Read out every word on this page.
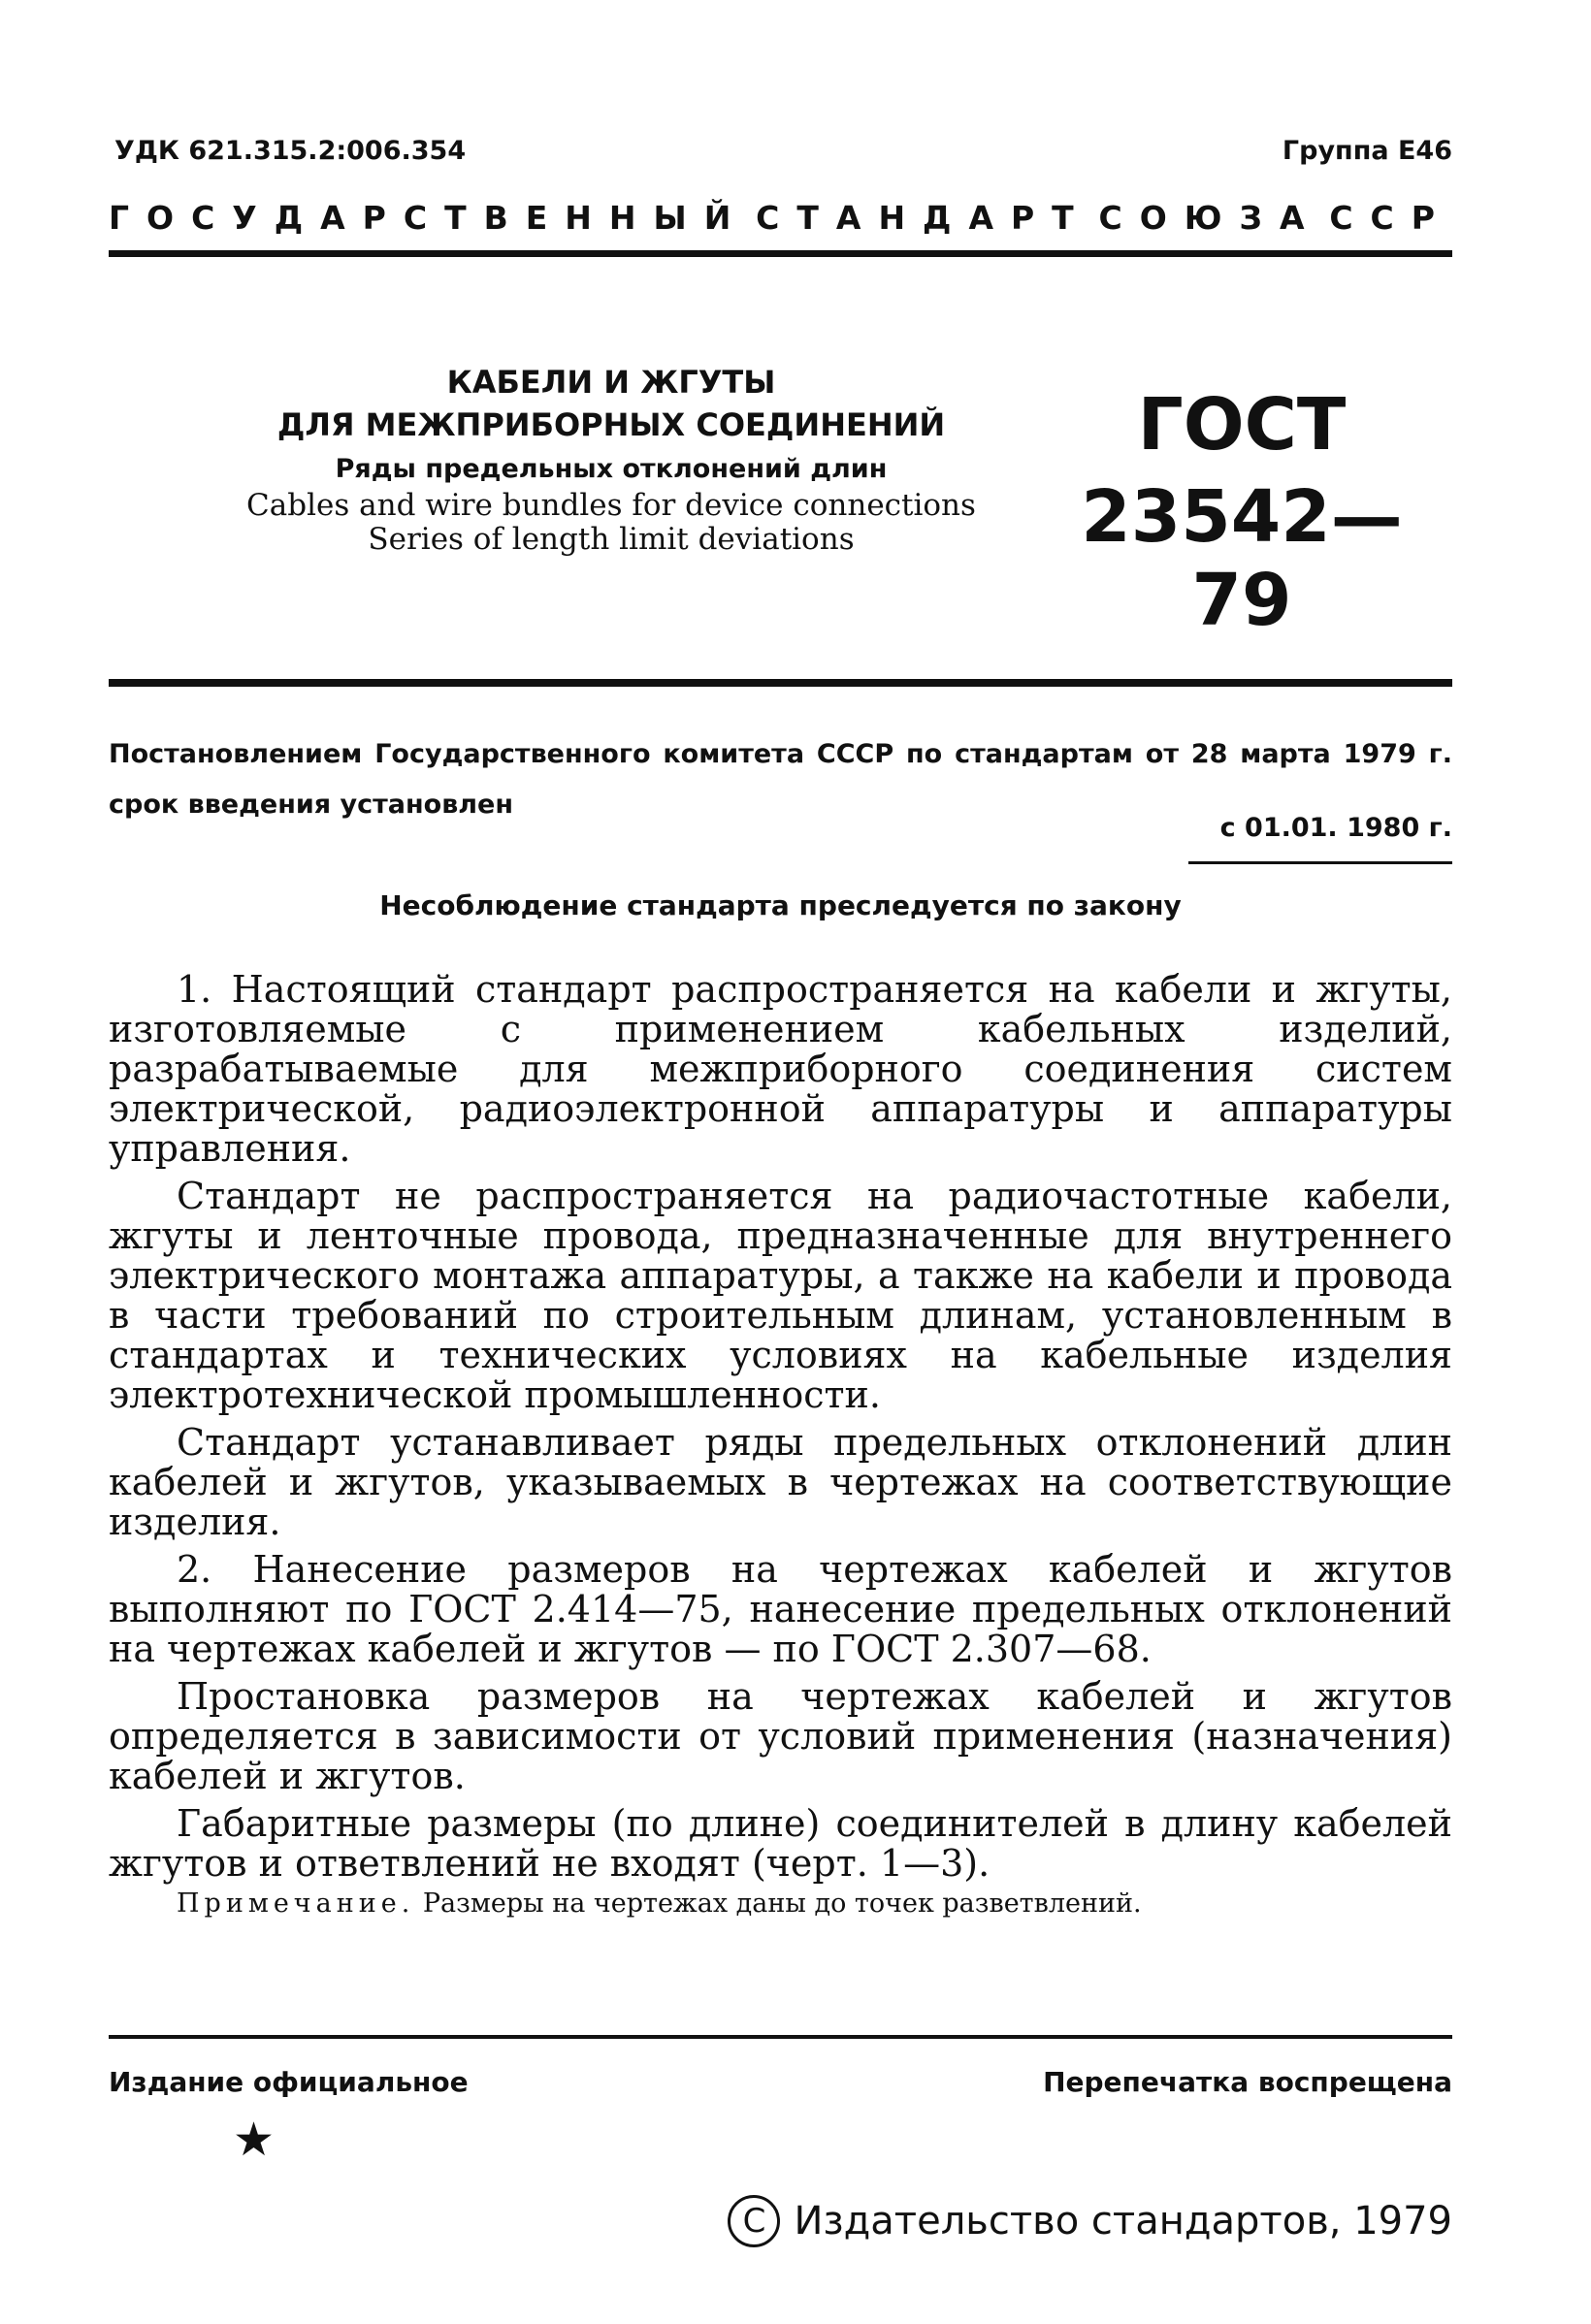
УДК 621.315.2:006.354	Группа Е46
ГОСУДАРСТВЕННЫЙ СТАНДАРТ СОЮЗА ССР
КАБЕЛИ И ЖГУТЫ
ДЛЯ МЕЖПРИБОРНЫХ СОЕДИНЕНИЙ
Ряды предельных отклонений длин
Cables and wire bundles for device connections
Series of length limit deviations
ГОСТ
23542—79
Постановлением Государственного комитета СССР по стандартам от 28 марта 1979 г. срок введения установлен
с 01.01. 1980 г.
Несоблюдение стандарта преследуется по закону

1. Настоящий стандарт распространяется на кабели и жгуты, изготовляемые с применением кабельных изделий, разрабатываемые для межприборного соединения систем электрической, радиоэлектронной аппаратуры и аппаратуры управления.

Стандарт не распространяется на радиочастотные кабели, жгуты и ленточные провода, предназначенные для внутреннего электрического монтажа аппаратуры, а также на кабели и провода в части требований по строительным длинам, установленным в стандартах и технических условиях на кабельные изделия электротехнической промышленности.

Стандарт устанавливает ряды предельных отклонений длин кабелей и жгутов, указываемых в чертежах на соответствующие изделия.

2. Нанесение размеров на чертежах кабелей и жгутов выполняют по ГОСТ 2.414—75, нанесение предельных отклонений на чертежах кабелей и жгутов — по ГОСТ 2.307—68.

Простановка размеров на чертежах кабелей и жгутов определяется в зависимости от условий применения (назначения) кабелей и жгутов.

Габаритные размеры (по длине) соединителей в длину кабелей жгутов и ответвлений не входят (черт. 1—3).

Примечание. Размеры на чертежах даны до точек разветвлений.
Издание официальное	Перепечатка воспрещена
★
C Издательство стандартов, 1979
